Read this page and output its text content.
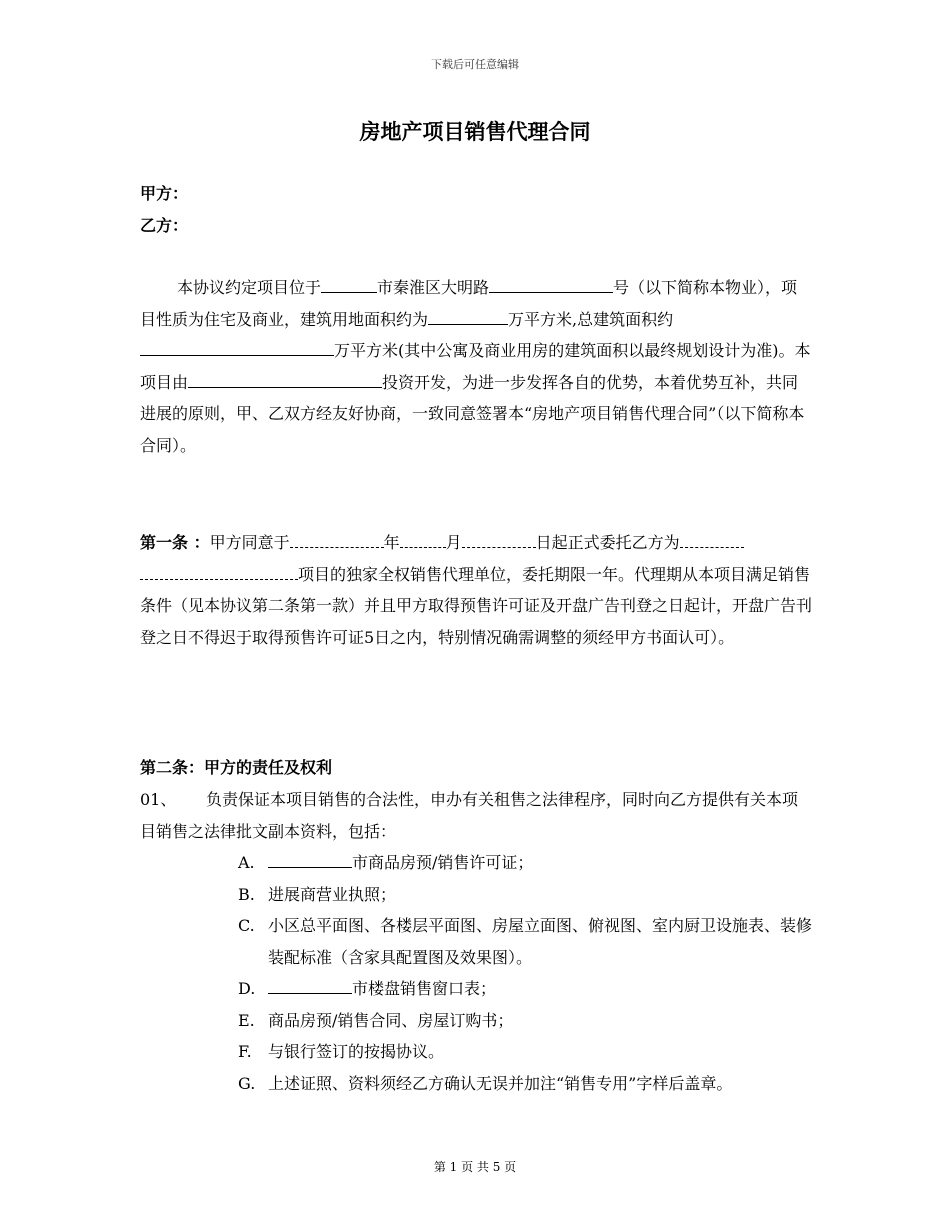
下载后可任意编辑
房地产项目销售代理合同
甲方：
乙方：
本协议约定项目位于	市秦淮区大明路	号（以下简称本物业），项目性质为住宅及商业，建筑用地面积约为	万平方米,总建筑面积约万平方米(其中公寓及商业用房的建筑面积以最终规划设计为准)。本项目由	投资开发，为进一步发挥各自的优势，本着优势互补，共同进展的原则，甲、乙双方经友好协商，一致同意签署本“房地产项目销售代理合同”（以下简称本合同）。
第一条 ：甲方同意于	年	月	日起正式委托乙方为项目的独家全权销售代理单位，委托期限一年。代理期从本项目满足销售条件（见本协议第二条第一款）并且甲方取得预售许可证及开盘广告刊登之日起计，开盘广告刊登之日不得迟于取得预售许可证5日之内，特别情况确需调整的须经甲方书面认可）。
第二条：甲方的责任及权利
01、 负责保证本项目销售的合法性，申办有关租售之法律程序，同时向乙方提供有关本项目销售之法律批文副本资料，包括：
A.	市商品房预/销售许可证；
B. 进展商营业执照；
C. 小区总平面图、各楼层平面图、房屋立面图、俯视图、室内厨卫设施表、装修装配标准（含家具配置图及效果图）。
D.	市楼盘销售窗口表；
E. 商品房预/销售合同、房屋订购书；
F. 与银行签订的按揭协议。
G. 上述证照、资料须经乙方确认无误并加注“销售专用”字样后盖章。
第 1 页 共 5 页
